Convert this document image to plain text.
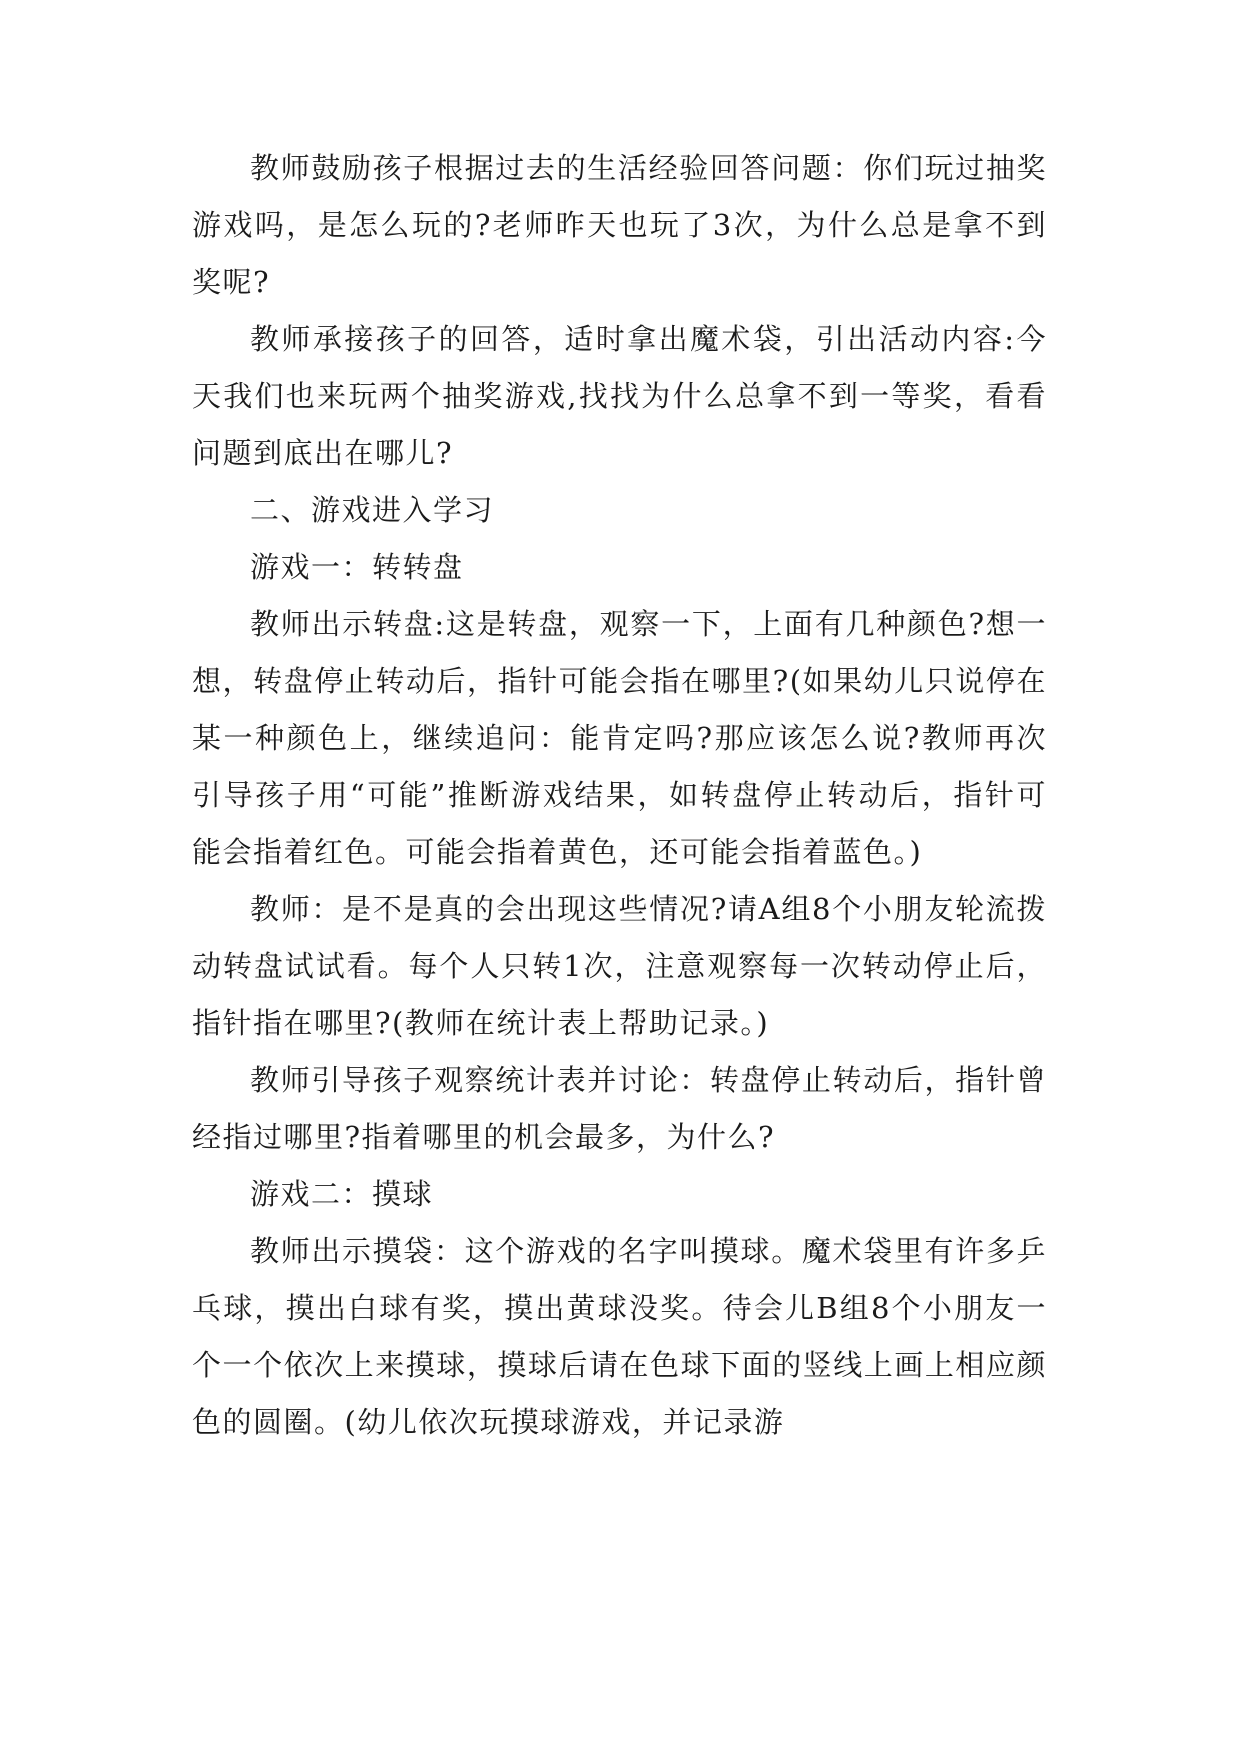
教师鼓励孩子根据过去的生活经验回答问题：你们玩过抽奖游戏吗，是怎么玩的?老师昨天也玩了3次，为什么总是拿不到奖呢?

教师承接孩子的回答，适时拿出魔术袋，引出活动内容:今天我们也来玩两个抽奖游戏,找找为什么总拿不到一等奖，看看问题到底出在哪儿?

二、游戏进入学习

游戏一：转转盘

教师出示转盘:这是转盘，观察一下，上面有几种颜色?想一想，转盘停止转动后，指针可能会指在哪里?(如果幼儿只说停在某一种颜色上，继续追问：能肯定吗?那应该怎么说?教师再次引导孩子用“可能”推断游戏结果，如转盘停止转动后，指针可能会指着红色。可能会指着黄色，还可能会指着蓝色。)

教师：是不是真的会出现这些情况?请A组8个小朋友轮流拨动转盘试试看。每个人只转1次，注意观察每一次转动停止后，指针指在哪里?(教师在统计表上帮助记录。)

教师引导孩子观察统计表并讨论：转盘停止转动后，指针曾经指过哪里?指着哪里的机会最多，为什么?

游戏二：摸球

教师出示摸袋：这个游戏的名字叫摸球。魔术袋里有许多乒乓球，摸出白球有奖，摸出黄球没奖。待会儿B组8个小朋友一个一个依次上来摸球，摸球后请在色球下面的竖线上画上相应颜色的圆圈。(幼儿依次玩摸球游戏，并记录游
